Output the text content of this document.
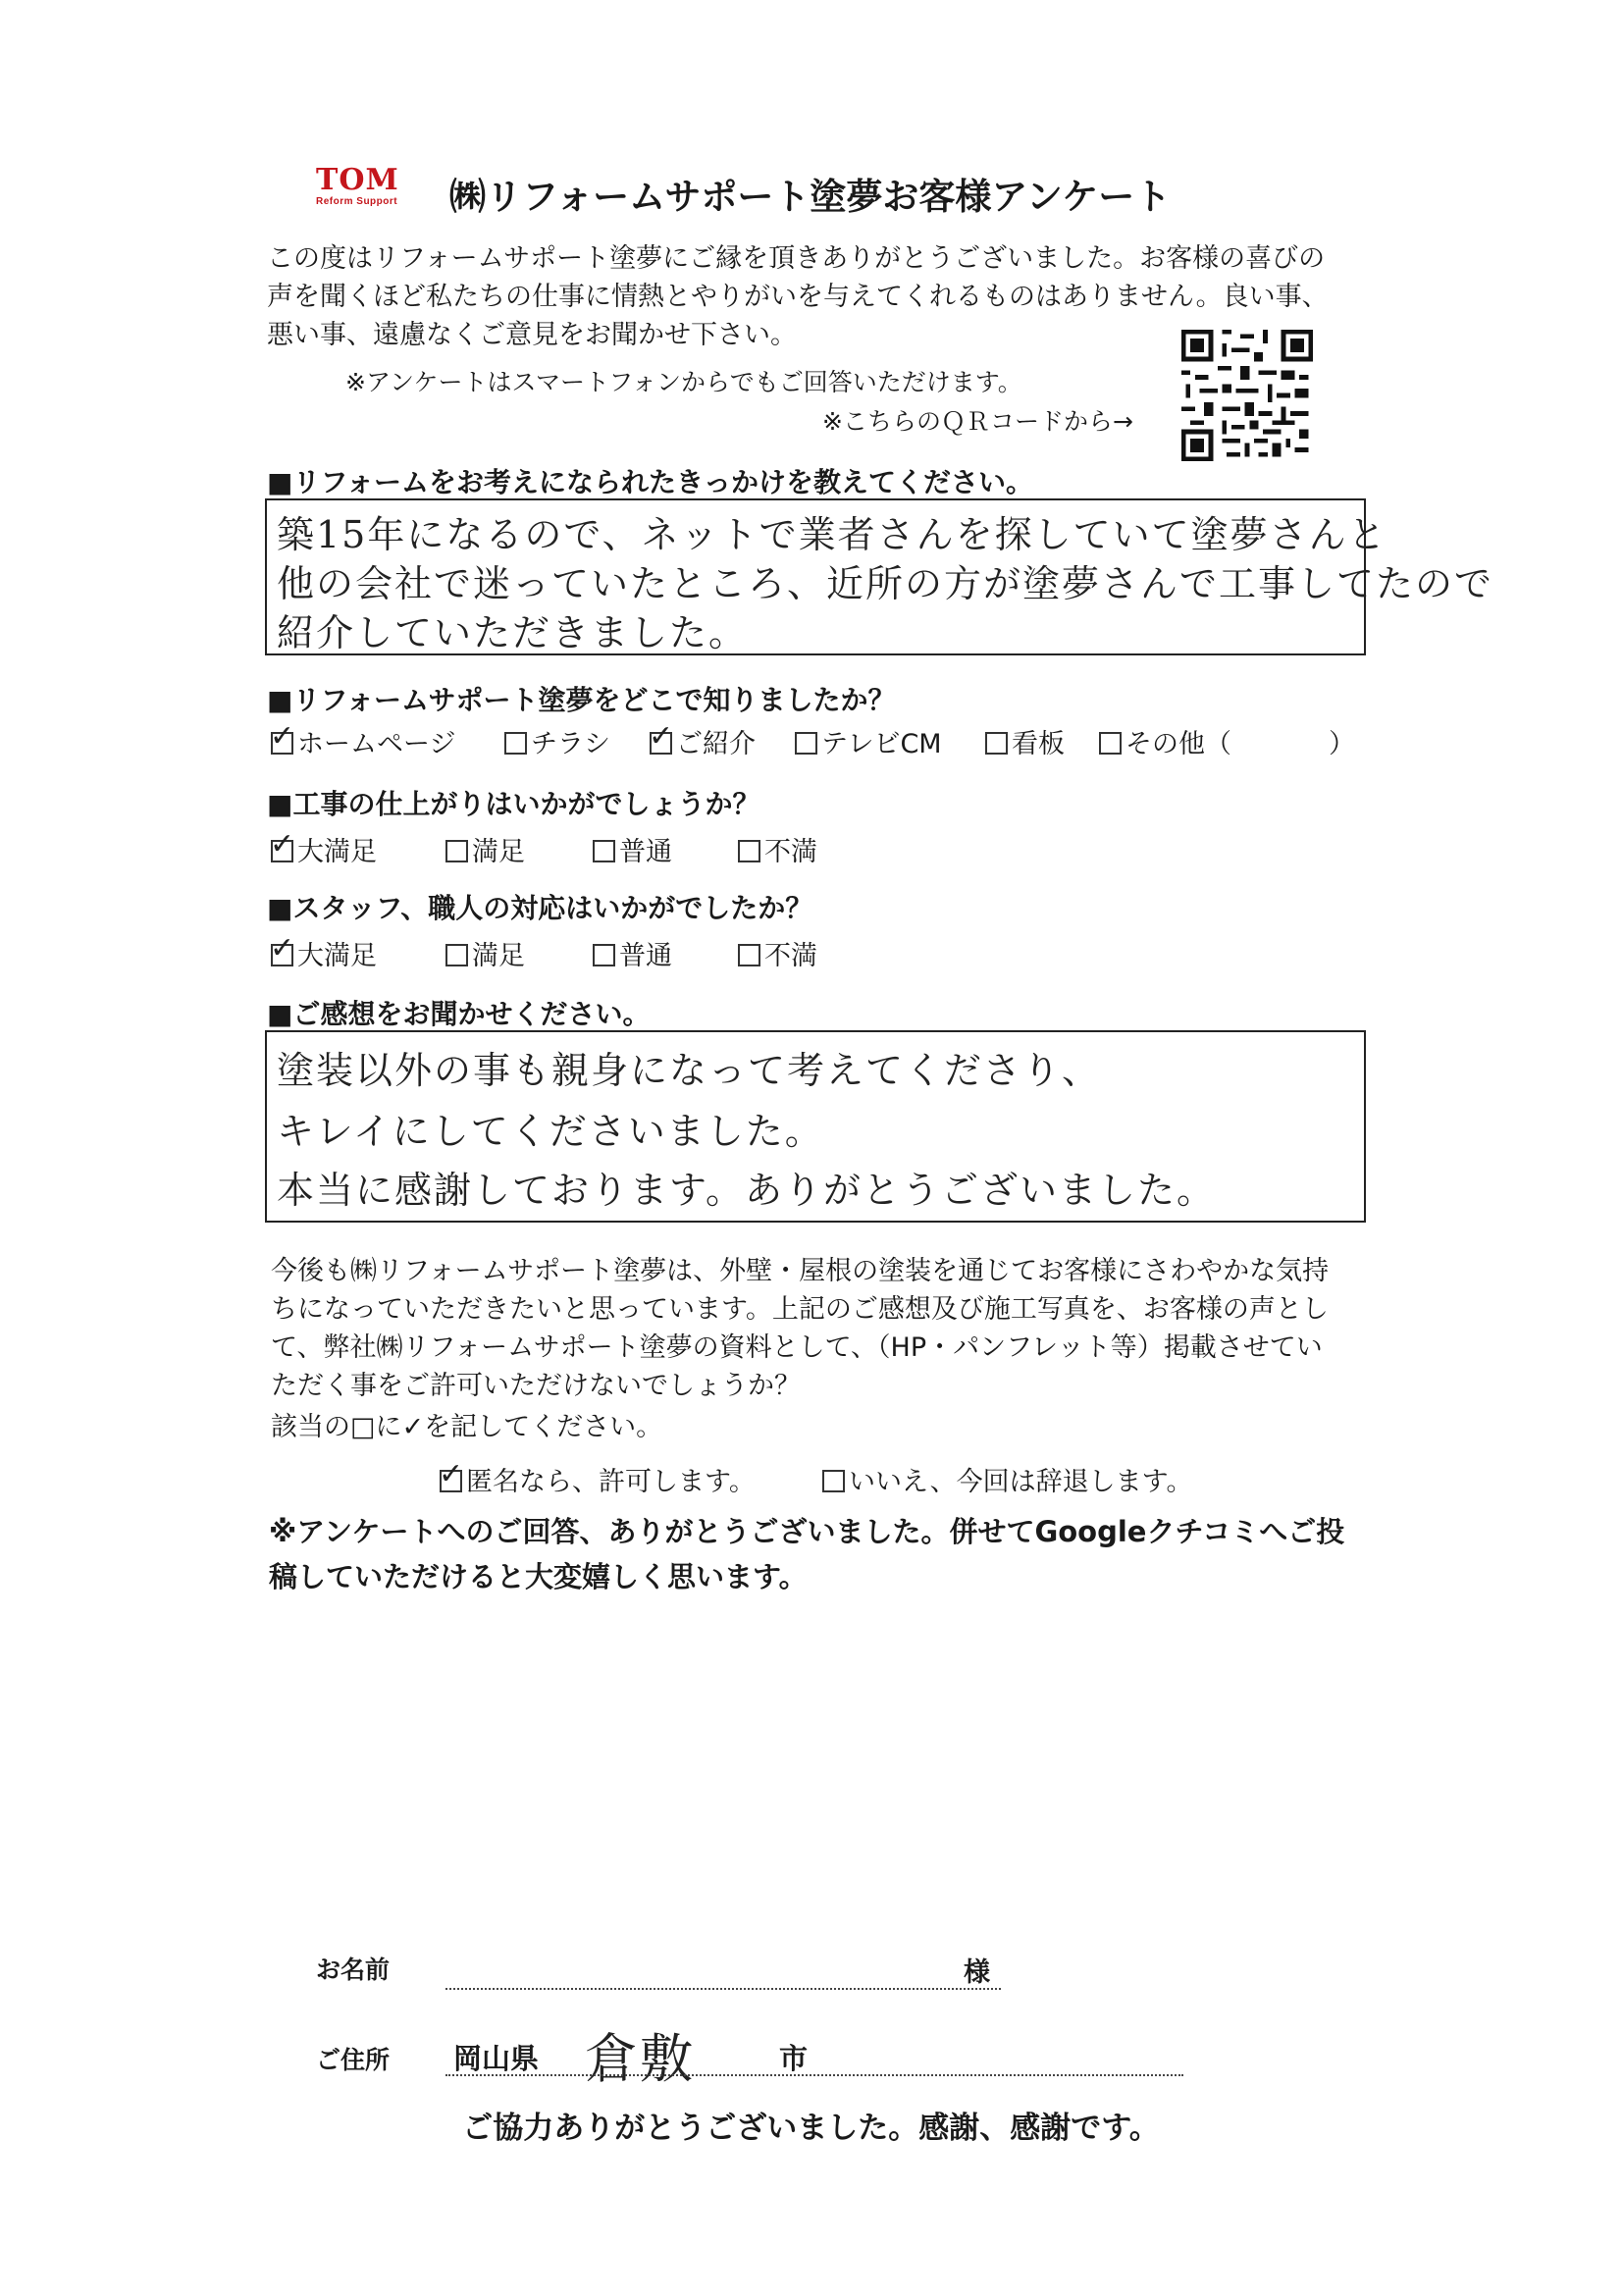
TOM
Reform Support	㈱リフォームサポート塗夢お客様アンケート
この度はリフォームサポート塗夢にご縁を頂きありがとうございました。お客様の喜びの声を聞くほど私たちの仕事に情熱とやりがいを与えてくれるものはありません。良い事、悪い事、遠慮なくご意見をお聞かせ下さい。
※アンケートはスマートフォンからでもご回答いただけます。
※こちらのＱＲコードから→
■リフォームをお考えになられたきっかけを教えてください。
築15年になるので、ネットで業者さんを探していて塗夢さんと
他の会社で迷っていたところ、近所の方が塗夢さんで工事してたので
紹介していただきました。
■リフォームサポート塗夢をどこで知りましたか？
✓ホームページ	チラシ
✓	ご紹介	テレビCM	看板	その他（	）
■工事の仕上がりはいかがでしょうか？
✓大満足	満足	普通	不満
■スタッフ、職人の対応はいかがでしたか？
✓大満足	満足	普通	不満
■ご感想をお聞かせください。
塗装以外の事も親身になって考えてくださり、
キレイにしてくださいました。
本当に感謝しております。ありがとうございました。
今後も㈱リフォームサポート塗夢は、外壁・屋根の塗装を通じてお客様にさわやかな気持ちになっていただきたいと思っています。上記のご感想及び施工写真を、お客様の声として、弊社㈱リフォームサポート塗夢の資料として、（HP・パンフレット等）掲載させていただく事をご許可いただけないでしょうか？
該当の□に✓を記してください。
✓匿名なら、許可します。	いいえ、今回は辞退します。
※アンケートへのご回答、ありがとうございました。併せてGoogleクチコミへご投稿していただけると大変嬉しく思います。
お名前	様
ご住所 岡山県 倉敷	市
ご協力ありがとうございました。感謝、感謝です。
